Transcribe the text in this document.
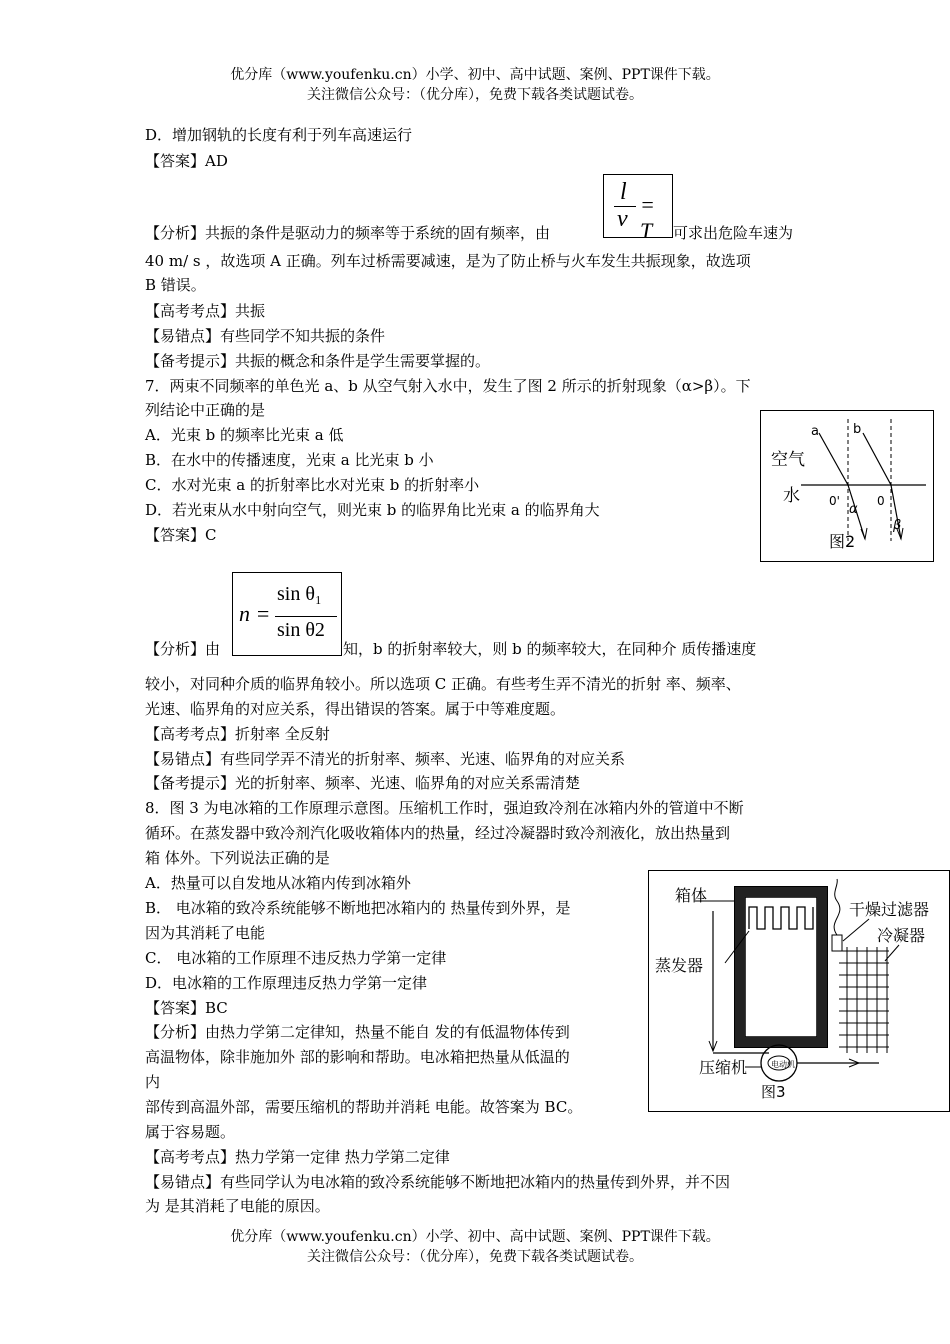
优分库（www.youfenku.cn）小学、初中、高中试题、案例、PPT课件下载。
关注微信公众号：（优分库），免费下载各类试题试卷。
D．增加钢轨的长度有利于列车高速运行
【答案】AD
l
v
= T
【分析】共振的条件是驱动力的频率等于系统的固有频率，由	可求出危险车速为
40 m/ s ，故选项 A 正确。列车过桥需要减速，是为了防止桥与火车发生共振现象，故选项
B 错误。
【高考考点】共振
【易错点】有些同学不知共振的条件
【备考提示】共振的概念和条件是学生需要掌握的。
7．两束不同频率的单色光 a、b 从空气射入水中，发生了图 2 所示的折射现象（α>β）。下
列结论中正确的是
A．光束 b 的频率比光束 a 低
B．在水中的传播速度，光束 a 比光束 b 小
C．水对光束 a 的折射率比水对光束 b 的折射率小
D．若光束从水中射向空气，则光束 b 的临界角比光束 a 的临界角大
【答案】C
a	b
空气
水 0'	0
α
β
图2
n =
sin θ₁
sin θ2
【分析】由	知，b 的折射率较大，则 b 的频率较大，在同种介 质传播速度
较小，对同种介质的临界角较小。所以选项 C 正确。有些考生弄不清光的折射 率、频率、
光速、临界角的对应关系，得出错误的答案。属于中等难度题。
【高考考点】折射率 全反射
【易错点】有些同学弄不清光的折射率、频率、光速、临界角的对应关系
【备考提示】光的折射率、频率、光速、临界角的对应关系需清楚
8．图 3 为电冰箱的工作原理示意图。压缩机工作时，强迫致冷剂在冰箱内外的管道中不断
循环。在蒸发器中致冷剂汽化吸收箱体内的热量，经过冷凝器时致冷剂液化，放出热量到
箱 体外。下列说法正确的是
A．热量可以自发地从冰箱内传到冰箱外
B． 电冰箱的致冷系统能够不断地把冰箱内的 热量传到外界，是
因为其消耗了电能
C． 电冰箱的工作原理不违反热力学第一定律
D．电冰箱的工作原理违反热力学第一定律
【答案】BC
【分析】由热力学第二定律知，热量不能自 发的有低温物体传到
高温物体，除非施加外 部的影响和帮助。电冰箱把热量从低温的
内
部传到高温外部，需要压缩机的帮助并消耗 电能。故答案为 BC。
属于容易题。
【高考考点】热力学第一定律 热力学第二定律
【易错点】有些同学认为电冰箱的致冷系统能够不断地把冰箱内的热量传到外界，并不因
为 是其消耗了电能的原因。
电动机
箱体
干燥过滤器
冷凝器
蒸发器
压缩机
图3
优分库（www.youfenku.cn）小学、初中、高中试题、案例、PPT课件下载。
关注微信公众号：（优分库），免费下载各类试题试卷。
